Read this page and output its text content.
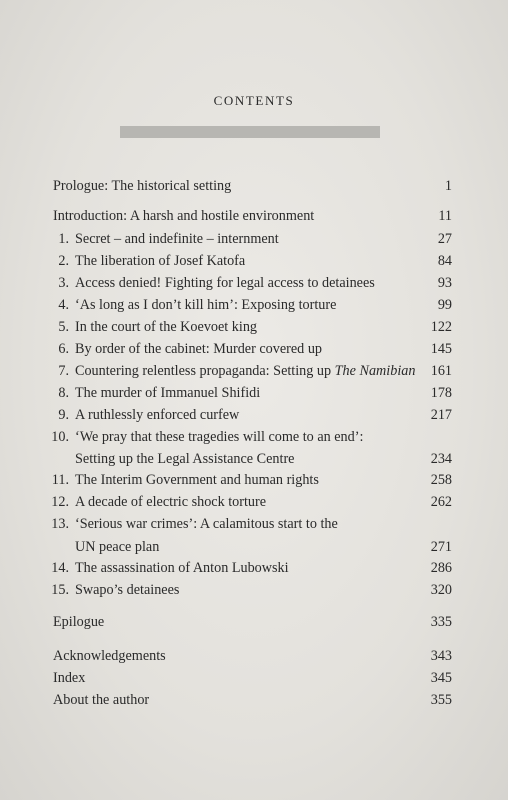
CONTENTS
Prologue: The historical setting	1
Introduction: A harsh and hostile environment	11
1. Secret – and indefinite – internment	27
2. The liberation of Josef Katofa	84
3. Access denied! Fighting for legal access to detainees	93
4. ‘As long as I don’t kill him’: Exposing torture	99
5. In the court of the Koevoet king	122
6. By order of the cabinet: Murder covered up	145
7. Countering relentless propaganda: Setting up The Namibian	161
8. The murder of Immanuel Shifidi	178
9. A ruthlessly enforced curfew	217
10. ‘We pray that these tragedies will come to an end’:
Setting up the Legal Assistance Centre	234
11. The Interim Government and human rights	258
12. A decade of electric shock torture	262
13. ‘Serious war crimes’: A calamitous start to the
UN peace plan	271
14. The assassination of Anton Lubowski	286
15. Swapo’s detainees	320
Epilogue	335
Acknowledgements	343
Index	345
About the author	355
